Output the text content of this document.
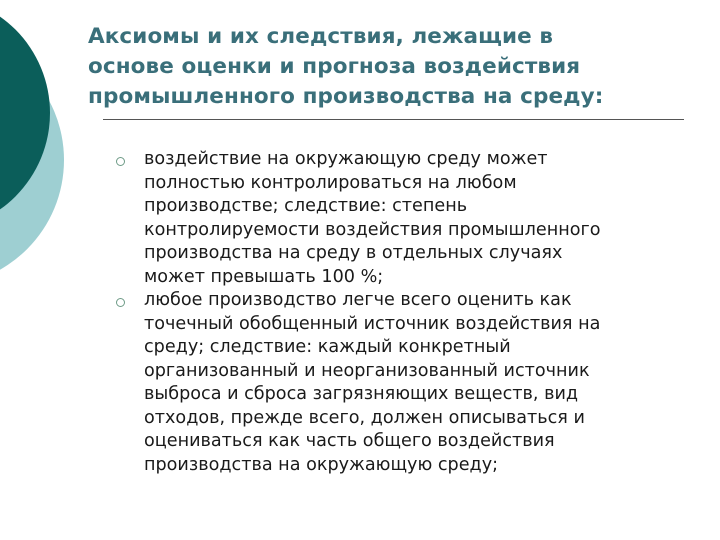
Аксиомы и их следствия, лежащие в
основе оценки и прогноза воздействия
промышленного производства на среду:
воздействие на окружающую среду может
полностью контролироваться на любом
производстве; следствие: степень
контролируемости воздействия промышленного
производства на среду в отдельных случаях
может превышать 100 %;
любое производство легче всего оценить как
точечный обобщенный источник воздействия на
среду; следствие: каждый конкретный
организованный и неорганизованный источник
выброса и сброса загрязняющих веществ, вид
отходов, прежде всего, должен описываться и
оцениваться как часть общего воздействия
производства на окружающую среду;
